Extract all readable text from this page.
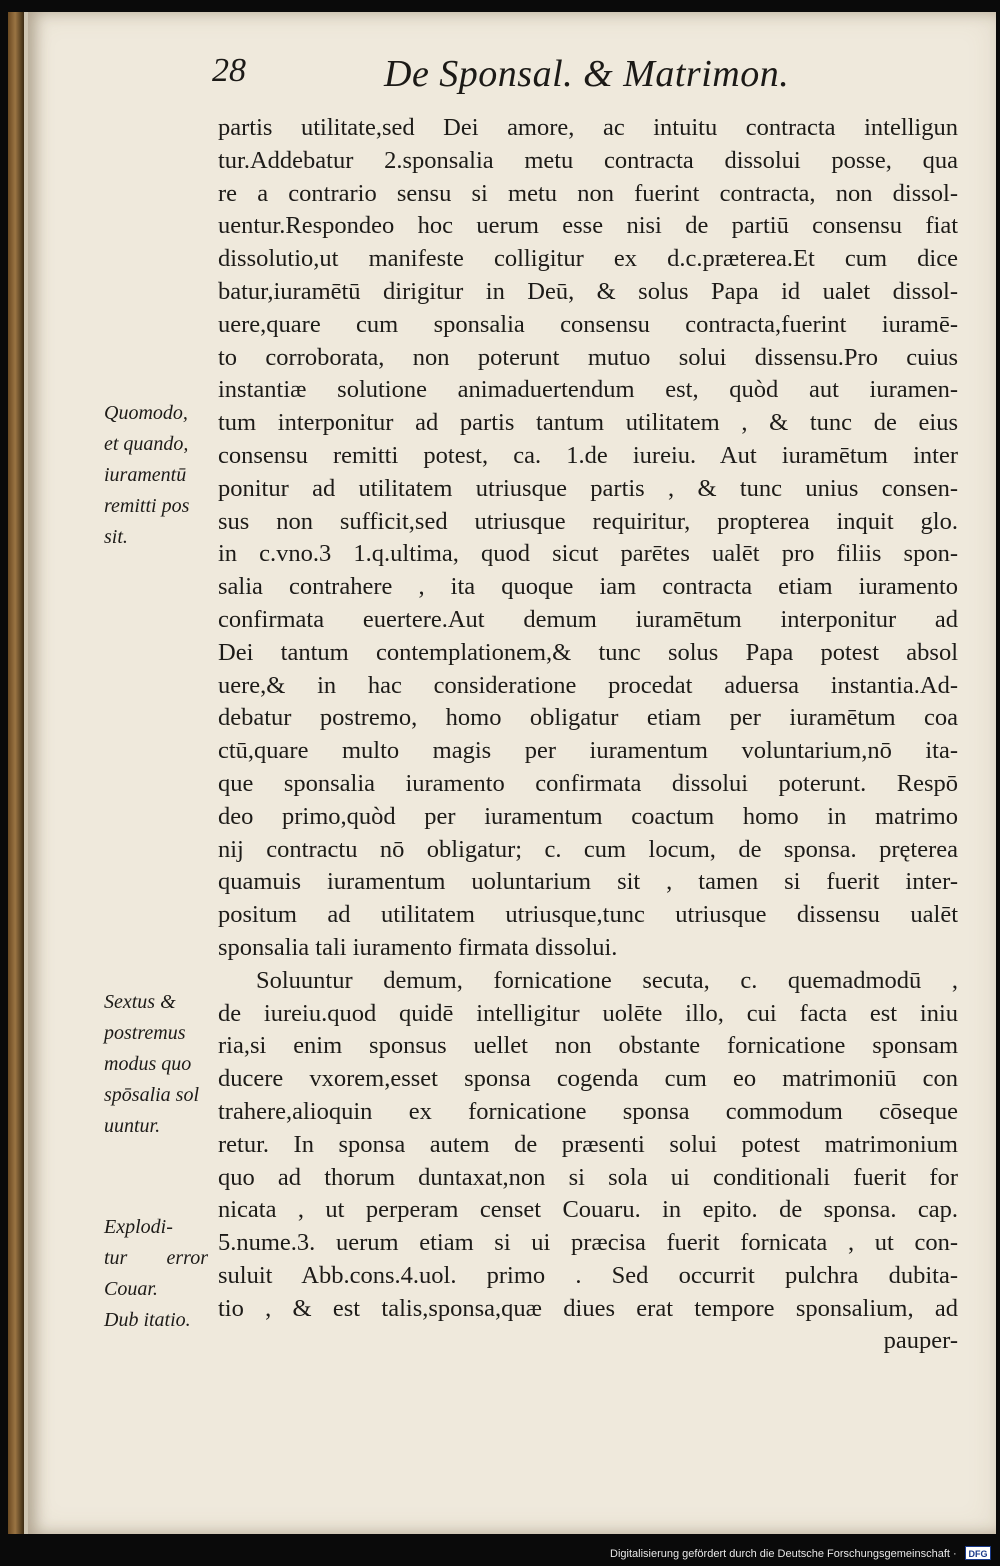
28	De Sponsal. & Matrimon.
partis utilitate,sed Dei amore, ac intuitu contracta intelligun
tur.Addebatur 2.sponsalia metu contracta dissolui posse, qua
re a contrario sensu si metu non fuerint contracta, non dissol-
uentur.Respondeo hoc uerum esse nisi de partiū consensu fiat
dissolutio,ut manifeste colligitur ex d.c.præterea.Et cum dice
batur,iuramētū dirigitur in Deū, & solus Papa id ualet dissol-
uere,quare cum sponsalia consensu contracta,fuerint iuramē-
to corroborata, non poterunt mutuo solui dissensu.Pro cuius
instantiæ solutione animaduertendum est, quòd aut iuramen-
tum interponitur ad partis tantum utilitatem , & tunc de eius
consensu remitti potest, ca. 1.de iureiu. Aut iuramētum inter
ponitur ad utilitatem utriusque partis , & tunc unius consen-
sus non sufficit,sed utriusque requiritur, propterea inquit glo.
in c.vno.3 1.q.ultima, quod sicut parētes ualēt pro filiis spon-
salia contrahere , ita quoque iam contracta etiam iuramento
confirmata euertere.Aut demum iuramētum interponitur ad
Dei tantum contemplationem,& tunc solus Papa potest absol
uere,& in hac consideratione procedat aduersa instantia.Ad-
debatur postremo, homo obligatur etiam per iuramētum coa
ctū,quare multo magis per iuramentum voluntarium,nō ita-
que sponsalia iuramento confirmata dissolui poterunt. Respō
deo primo,quòd per iuramentum coactum homo in matrimo
nij contractu nō obligatur; c. cum locum, de sponsa. pręterea
quamuis iuramentum uoluntarium sit , tamen si fuerit inter-
positum ad utilitatem utriusque,tunc utriusque dissensu ualēt
sponsalia tali iuramento firmata dissolui.
Soluuntur demum, fornicatione secuta, c. quemadmodū ,
de iureiu.quod quidē intelligitur uolēte illo, cui facta est iniu
ria,si enim sponsus uellet non obstante fornicatione sponsam
ducere vxorem,esset sponsa cogenda cum eo matrimoniū con
trahere,alioquin ex fornicatione sponsa commodum cōseque
retur. In sponsa autem de præsenti solui potest matrimonium
quo ad thorum duntaxat,non si sola ui conditionali fuerit for
nicata , ut perperam censet Couaru. in epito. de sponsa. cap.
5.nume.3. uerum etiam si ui præcisa fuerit fornicata , ut con-
suluit Abb.cons.4.uol. primo . Sed occurrit pulchra dubita-
tio , & est talis,sponsa,quæ diues erat tempore sponsalium, ad
pauper-
Quomodo,
et quando,
iuramentū
remitti pos
sit.
Sextus &
postremus
modus quo
spōsalia sol
uuntur.
Explodi-
tur error
Couar.
Dub itatio.
Digitalisierung gefördert durch die Deutsche Forschungsgemeinschaft ·	DFG
